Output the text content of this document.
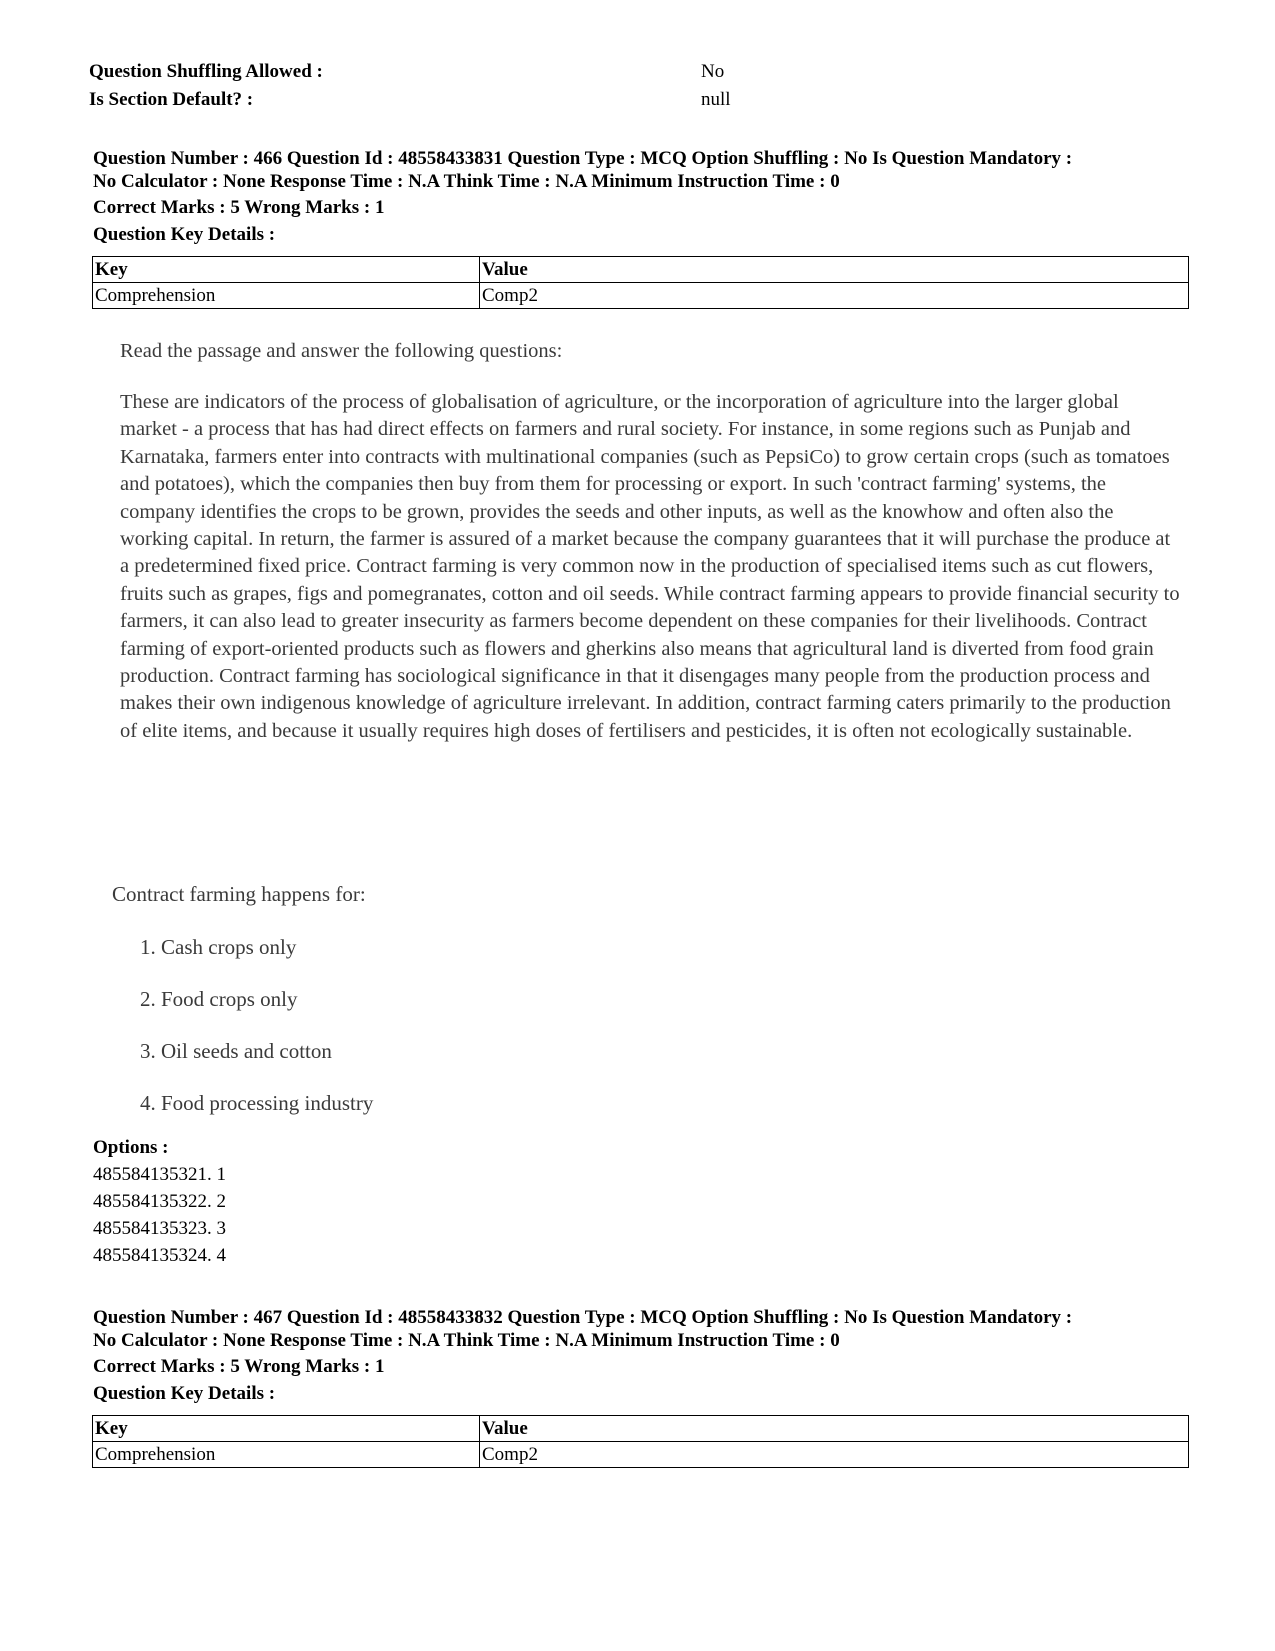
Question Shuffling Allowed :	No
Is Section Default? :	null
Question Number : 466 Question Id : 48558433831 Question Type : MCQ Option Shuffling : No Is Question Mandatory :
No Calculator : None Response Time : N.A Think Time : N.A Minimum Instruction Time : 0
Correct Marks : 5 Wrong Marks : 1
Question Key Details :
Key	Value
Comprehension	Comp2
Read the passage and answer the following questions:

These are indicators of the process of globalisation of agriculture, or the incorporation of agriculture into the larger global market - a process that has had direct effects on farmers and rural society. For instance, in some regions such as Punjab and Karnataka, farmers enter into contracts with multinational companies (such as PepsiCo) to grow certain crops (such as tomatoes and potatoes), which the companies then buy from them for processing or export. In such 'contract farming' systems, the company identifies the crops to be grown, provides the seeds and other inputs, as well as the knowhow and often also the working capital. In return, the farmer is assured of a market because the company guarantees that it will purchase the produce at a predetermined fixed price. Contract farming is very common now in the production of specialised items such as cut flowers, fruits such as grapes, figs and pomegranates, cotton and oil seeds. While contract farming appears to provide financial security to farmers, it can also lead to greater insecurity as farmers become dependent on these companies for their livelihoods. Contract farming of export-oriented products such as flowers and gherkins also means that agricultural land is diverted from food grain production. Contract farming has sociological significance in that it disengages many people from the production process and makes their own indigenous knowledge of agriculture irrelevant. In addition, contract farming caters primarily to the production of elite items, and because it usually requires high doses of fertilisers and pesticides, it is often not ecologically sustainable.

Contract farming happens for:
1. Cash crops only
2. Food crops only
3. Oil seeds and cotton
4. Food processing industry
Options :
485584135321. 1
485584135322. 2
485584135323. 3
485584135324. 4
Question Number : 467 Question Id : 48558433832 Question Type : MCQ Option Shuffling : No Is Question Mandatory :
No Calculator : None Response Time : N.A Think Time : N.A Minimum Instruction Time : 0
Correct Marks : 5 Wrong Marks : 1
Question Key Details :
Key	Value
Comprehension	Comp2
